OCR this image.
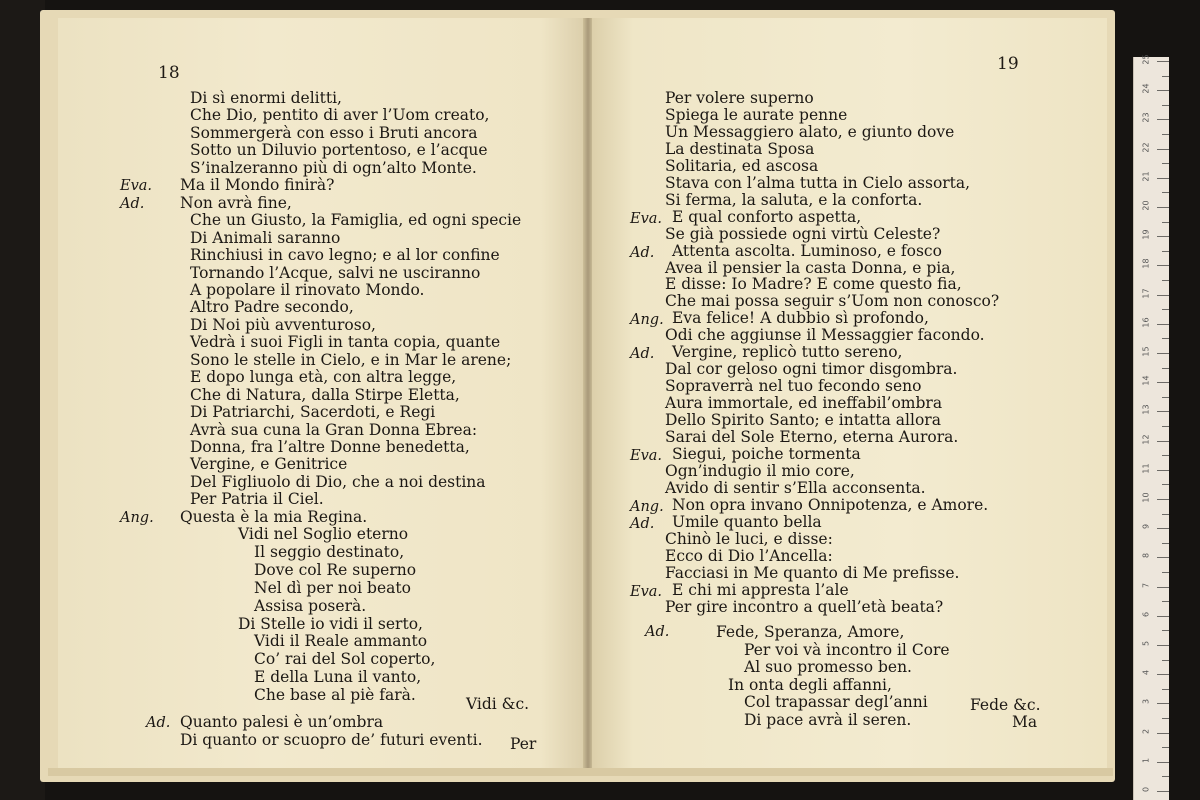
18
Di sì enormi delitti,
Che Dio, pentito di aver l’Uom creato,
Sommergerà con esso i Bruti ancora
Sotto un Diluvio portentoso, e l’acque
S’inalzeranno più di ogn’alto Monte.
Eva. Ma il Mondo finirà?
Ad. Non avrà fine,
Che un Giusto, la Famiglia, ed ogni specie
Di Animali saranno
Rinchiusi in cavo legno; e al lor confine
Tornando l’Acque, salvi ne usciranno
A popolare il rinovato Mondo.
Altro Padre secondo,
Di Noi più avventuroso,
Vedrà i suoi Figli in tanta copia, quante
Sono le stelle in Cielo, e in Mar le arene;
E dopo lunga età, con altra legge,
Che di Natura, dalla Stirpe Eletta,
Di Patriarchi, Sacerdoti, e Regi
Avrà sua cuna la Gran Donna Ebrea:
Donna, fra l’altre Donne benedetta,
Vergine, e Genitrice
Del Figliuolo di Dio, che a noi destina
Per Patria il Ciel.
Ang. Questa è la mia Regina.
Vidi nel Soglio eterno
Il seggio destinato,
Dove col Re superno
Nel dì per noi beato
Assisa poserà.
Di Stelle io vidi il serto,
Vidi il Reale ammanto
Co’ rai del Sol coperto,
E della Luna il vanto,
Che base al piè farà.	Vidi &c.
Ad. Quanto palesi è un’ombra
Di quanto or scuopro de’ futuri eventi. Per
19
Per volere superno
Spiega le aurate penne
Un Messaggiero alato, e giunto dove
La destinata Sposa
Solitaria, ed ascosa
Stava con l’alma tutta in Cielo assorta,
Si ferma, la saluta, e la conforta.
Eva. E qual conforto aspetta,
Se già possiede ogni virtù Celeste?
Ad. Attenta ascolta. Luminoso, e fosco
Avea il pensier la casta Donna, e pia,
E disse: Io Madre? E come questo fia,
Che mai possa seguir s’Uom non conosco?
Ang. Eva felice! A dubbio sì profondo,
Odi che aggiunse il Messaggier facondo.
Ad. Vergine, replicò tutto sereno,
Dal cor geloso ogni timor disgombra.
Sopraverrà nel tuo fecondo seno
Aura immortale, ed ineffabil’ombra
Dello Spirito Santo; e intatta allora
Sarai del Sole Eterno, eterna Aurora.
Eva. Siegui, poiche tormenta
Ogn’indugio il mio core,
Avido di sentir s’Ella acconsenta.
Ang. Non opra invano Onnipotenza, e Amore.
Ad. Umile quanto bella
Chinò le luci, e disse:
Ecco di Dio l’Ancella:
Facciasi in Me quanto di Me prefisse.
Eva. E chi mi appresta l’ale
Per gire incontro a quell’età beata?
Ad.	Fede, Speranza, Amore,
Per voi và incontro il Core
Al suo promesso ben.
In onta degli affanni,
Col trapassar degl’anni
Di pace avrà il seren.
Fede &c.
Ma
25
24
23
22
21
20
19
18
17
16
15
14
13
12
11
10
9
8
7
6
5
4
3
2
1
0
